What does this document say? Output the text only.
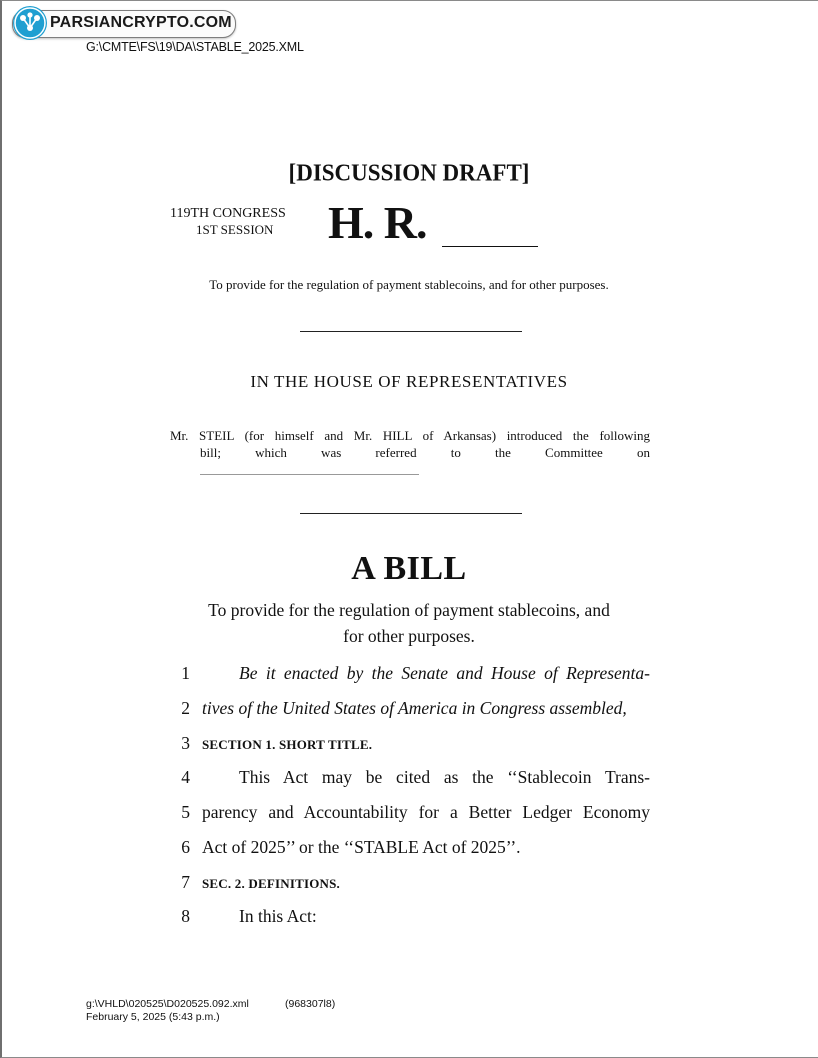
PARSIANCRYPTO.COM
G:\CMTE\FS\19\DA\STABLE_2025.XML
[DISCUSSION DRAFT]
119TH CONGRESS
1ST SESSION H. R.
To provide for the regulation of payment stablecoins, and for other purposes.
IN THE HOUSE OF REPRESENTATIVES
Mr. STEIL (for himself and Mr. HILL of Arkansas) introduced the following
bill; which was referred to the Committee on
A BILL
To provide for the regulation of payment stablecoins, and
for other purposes.
1	Be it enacted by the Senate and House of Representa-
2 tives of the United States of America in Congress assembled,
3 SECTION 1. SHORT TITLE.
4	This Act may be cited as the ‘‘Stablecoin Trans-
5 parency and Accountability for a Better Ledger Economy
6 Act of 2025’’ or the ‘‘STABLE Act of 2025’’.
7 SEC. 2. DEFINITIONS.
8	In this Act:
g:\VHLD\020525\D020525.092.xml	(968307l8)
February 5, 2025 (5:43 p.m.)
